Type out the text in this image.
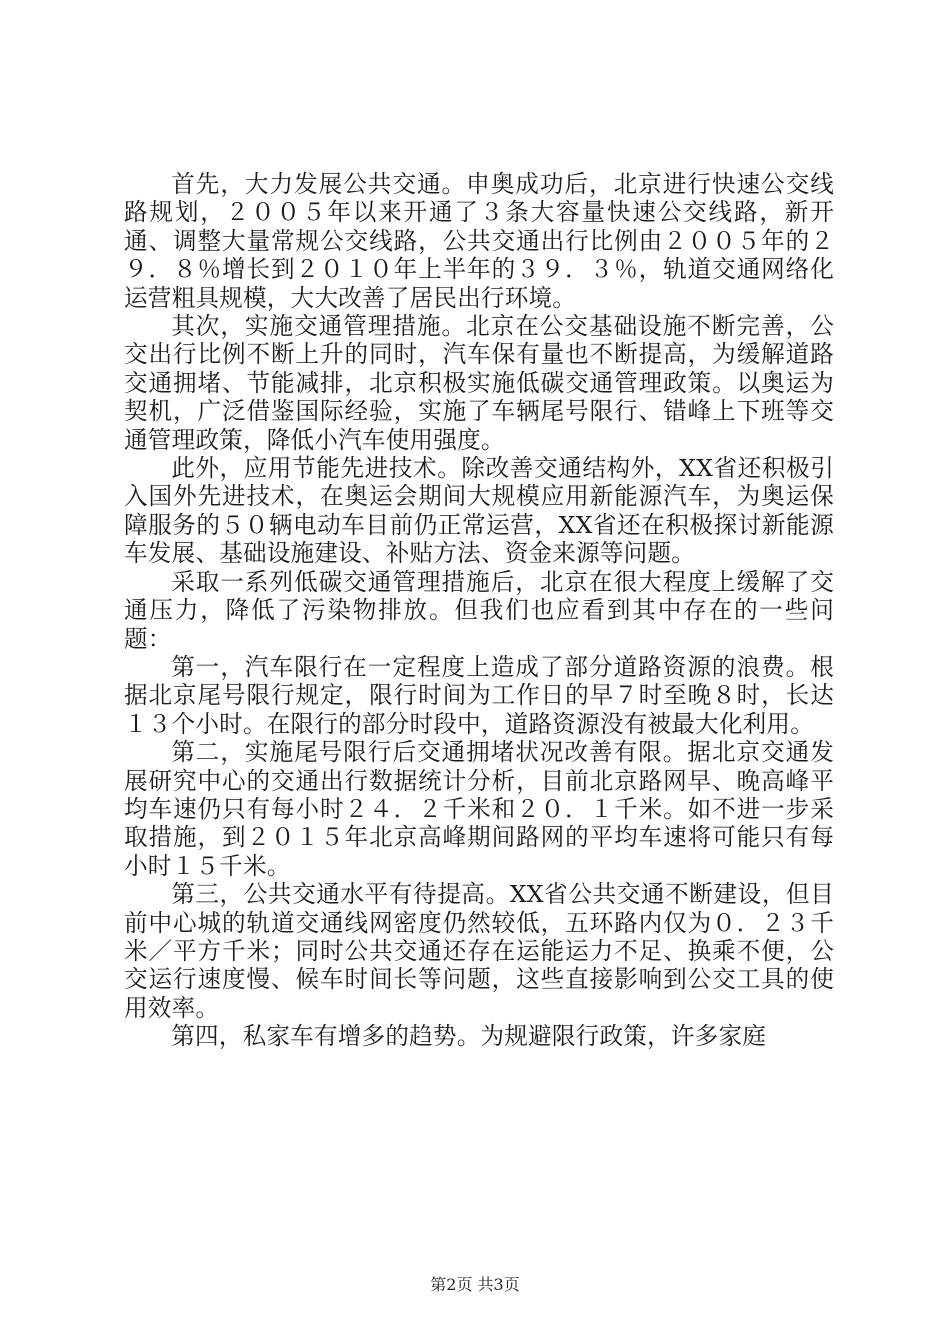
首先，大力发展公共交通。申奥成功后，北京进行快速公交线路规划，２００５年以来开通了３条大容量快速公交线路，新开通、调整大量常规公交线路，公共交通出行比例由２００５年的２９．８％增长到２０１０年上半年的３９．３％，轨道交通网络化运营粗具规模，大大改善了居民出行环境。

其次，实施交通管理措施。北京在公交基础设施不断完善，公交出行比例不断上升的同时，汽车保有量也不断提高，为缓解道路交通拥堵、节能减排，北京积极实施低碳交通管理政策。以奥运为契机，广泛借鉴国际经验，实施了车辆尾号限行、错峰上下班等交通管理政策，降低小汽车使用强度。

此外，应用节能先进技术。除改善交通结构外，XX省还积极引入国外先进技术，在奥运会期间大规模应用新能源汽车，为奥运保障服务的５０辆电动车目前仍正常运营，XX省还在积极探讨新能源车发展、基础设施建设、补贴方法、资金来源等问题。

采取一系列低碳交通管理措施后，北京在很大程度上缓解了交通压力，降低了污染物排放。但我们也应看到其中存在的一些问题：

第一，汽车限行在一定程度上造成了部分道路资源的浪费。根据北京尾号限行规定，限行时间为工作日的早７时至晚８时，长达１３个小时。在限行的部分时段中，道路资源没有被最大化利用。

第二，实施尾号限行后交通拥堵状况改善有限。据北京交通发展研究中心的交通出行数据统计分析，目前北京路网早、晚高峰平均车速仍只有每小时２４．２千米和２０．１千米。如不进一步采取措施，到２０１５年北京高峰期间路网的平均车速将可能只有每小时１５千米。

第三，公共交通水平有待提高。XX省公共交通不断建设，但目前中心城的轨道交通线网密度仍然较低，五环路内仅为０．２３千米／平方千米；同时公共交通还存在运能运力不足、换乘不便，公交运行速度慢、候车时间长等问题，这些直接影响到公交工具的使用效率。

第四，私家车有增多的趋势。为规避限行政策，许多家庭

第2页 共3页
